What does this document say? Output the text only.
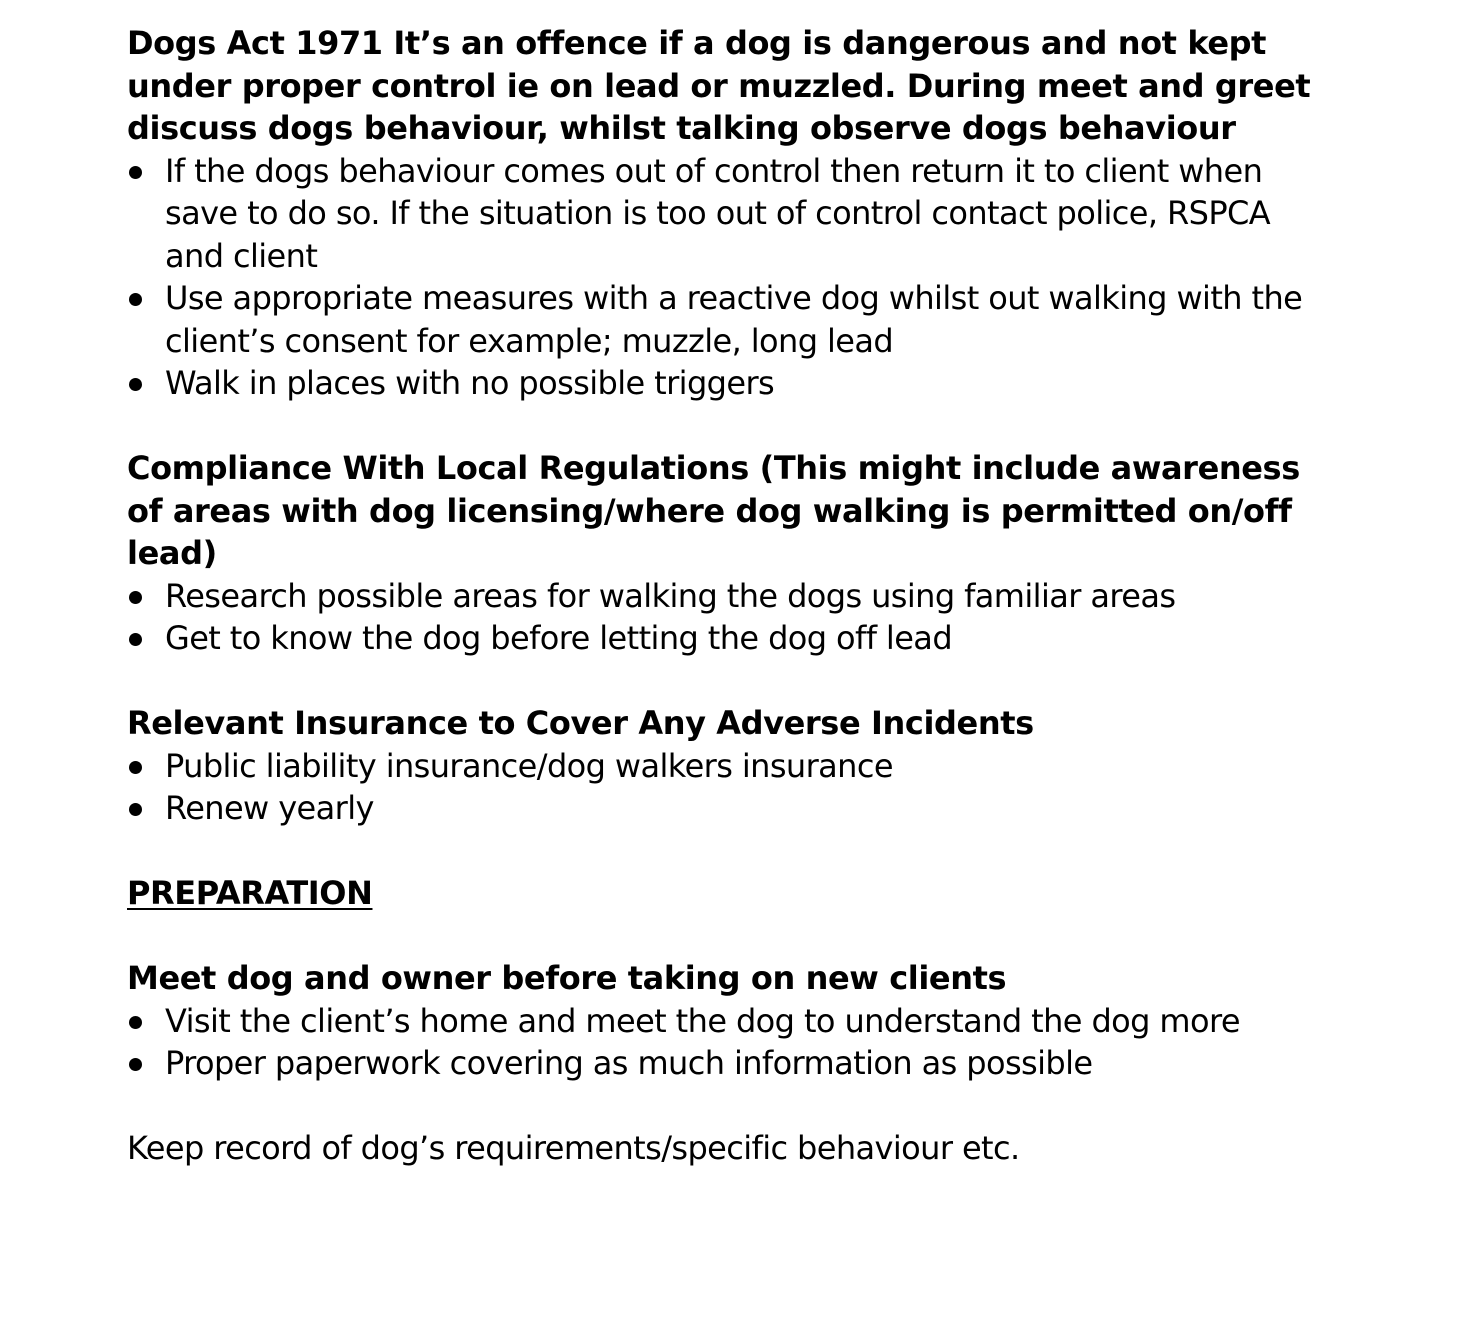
Dogs Act 1971 It’s an offence if a dog is dangerous and not kept under proper control ie on lead or muzzled. During meet and greet discuss dogs behaviour, whilst talking observe dogs behaviour

If the dogs behaviour comes out of control then return it to client when save to do so. If the situation is too out of control contact police, RSPCA and client
Use appropriate measures with a reactive dog whilst out walking with the client’s consent for example; muzzle, long lead
Walk in places with no possible triggers

Compliance With Local Regulations (This might include awareness of areas with dog licensing/where dog walking is permitted on/off lead)

Research possible areas for walking the dogs using familiar areas
Get to know the dog before letting the dog off lead

Relevant Insurance to Cover Any Adverse Incidents

Public liability insurance/dog walkers insurance
Renew yearly

PREPARATION

Meet dog and owner before taking on new clients

Visit the client’s home and meet the dog to understand the dog more
Proper paperwork covering as much information as possible

Keep record of dog’s requirements/specific behaviour etc.
